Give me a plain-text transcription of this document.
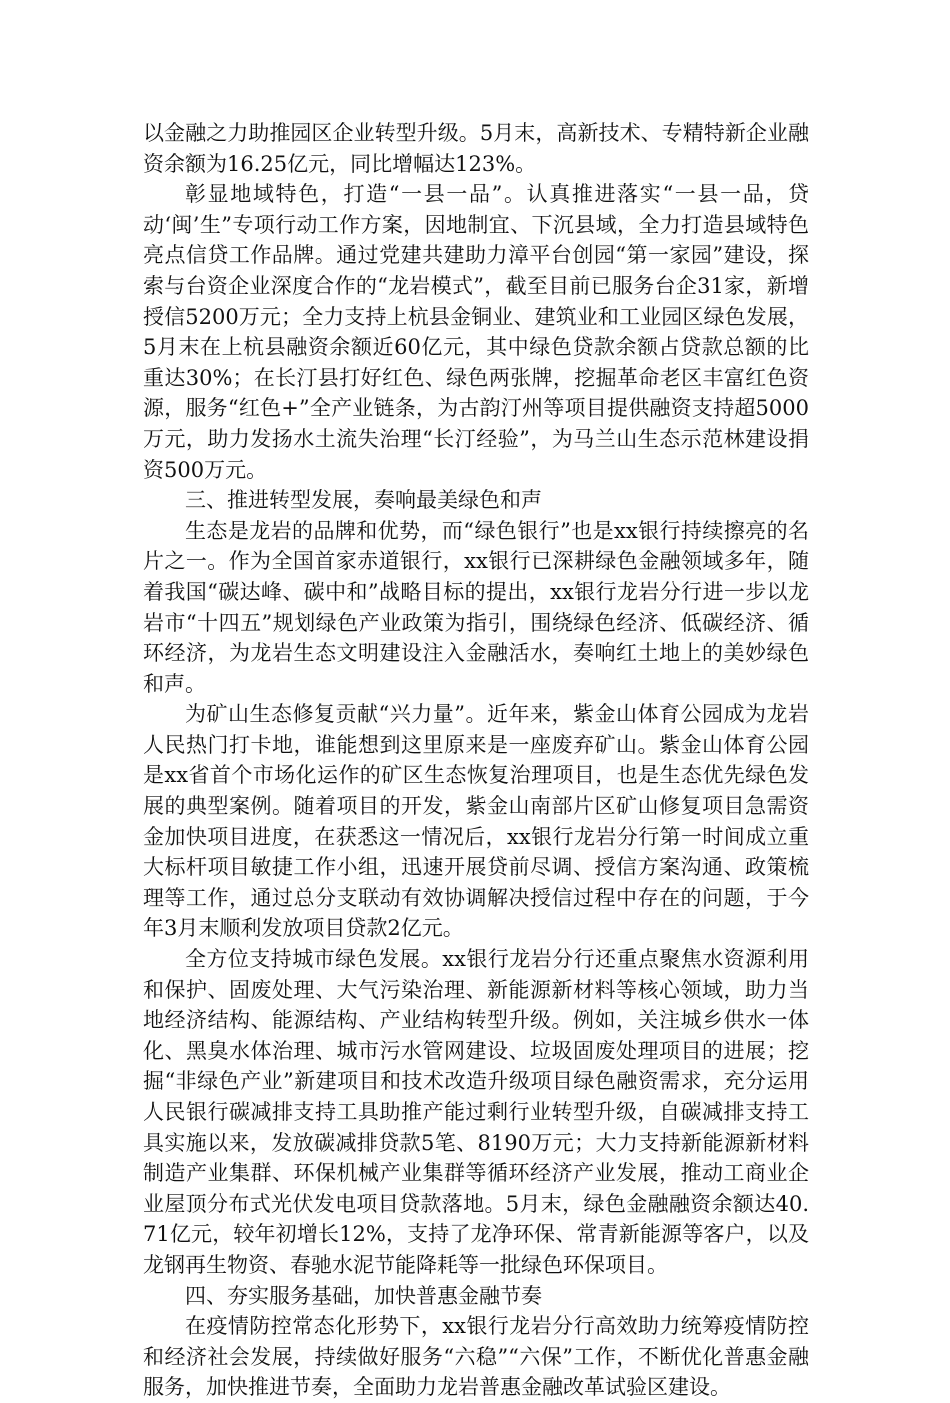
以金融之力助推园区企业转型升级。5月末，高新技术、专精特新企业融资余额为16.25亿元，同比增幅达123%。

彰显地域特色，打造“一县一品”。认真推进落实“一县一品，贷动‘闽’生”专项行动工作方案，因地制宜、下沉县域，全力打造县域特色亮点信贷工作品牌。通过党建共建助力漳平台创园“第一家园”建设，探索与台资企业深度合作的“龙岩模式”，截至目前已服务台企31家，新增授信5200万元；全力支持上杭县金铜业、建筑业和工业园区绿色发展，5月末在上杭县融资余额近60亿元，其中绿色贷款余额占贷款总额的比重达30%；在长汀县打好红色、绿色两张牌，挖掘革命老区丰富红色资源，服务“红色+”全产业链条，为古韵汀州等项目提供融资支持超5000万元，助力发扬水土流失治理“长汀经验”，为马兰山生态示范林建设捐资500万元。

三、推进转型发展，奏响最美绿色和声

生态是龙岩的品牌和优势，而“绿色银行”也是xx银行持续擦亮的名片之一。作为全国首家赤道银行，xx银行已深耕绿色金融领域多年，随着我国“碳达峰、碳中和”战略目标的提出，xx银行龙岩分行进一步以龙岩市“十四五”规划绿色产业政策为指引，围绕绿色经济、低碳经济、循环经济，为龙岩生态文明建设注入金融活水，奏响红土地上的美妙绿色和声。

为矿山生态修复贡献“兴力量”。近年来，紫金山体育公园成为龙岩人民热门打卡地，谁能想到这里原来是一座废弃矿山。紫金山体育公园是xx省首个市场化运作的矿区生态恢复治理项目，也是生态优先绿色发展的典型案例。随着项目的开发，紫金山南部片区矿山修复项目急需资金加快项目进度，在获悉这一情况后，xx银行龙岩分行第一时间成立重大标杆项目敏捷工作小组，迅速开展贷前尽调、授信方案沟通、政策梳理等工作，通过总分支联动有效协调解决授信过程中存在的问题，于今年3月末顺利发放项目贷款2亿元。

全方位支持城市绿色发展。xx银行龙岩分行还重点聚焦水资源利用和保护、固废处理、大气污染治理、新能源新材料等核心领域，助力当地经济结构、能源结构、产业结构转型升级。例如，关注城乡供水一体化、黑臭水体治理、城市污水管网建设、垃圾固废处理项目的进展；挖掘“非绿色产业”新建项目和技术改造升级项目绿色融资需求，充分运用人民银行碳减排支持工具助推产能过剩行业转型升级，自碳减排支持工具实施以来，发放碳减排贷款5笔、8190万元；大力支持新能源新材料制造产业集群、环保机械产业集群等循环经济产业发展，推动工商业企业屋顶分布式光伏发电项目贷款落地。5月末，绿色金融融资余额达40.71亿元，较年初增长12%，支持了龙净环保、常青新能源等客户，以及龙钢再生物资、春驰水泥节能降耗等一批绿色环保项目。

四、夯实服务基础，加快普惠金融节奏

在疫情防控常态化形势下，xx银行龙岩分行高效助力统筹疫情防控和经济社会发展，持续做好服务“六稳”“六保”工作，不断优化普惠金融服务，加快推进节奏，全面助力龙岩普惠金融改革试验区建设。
